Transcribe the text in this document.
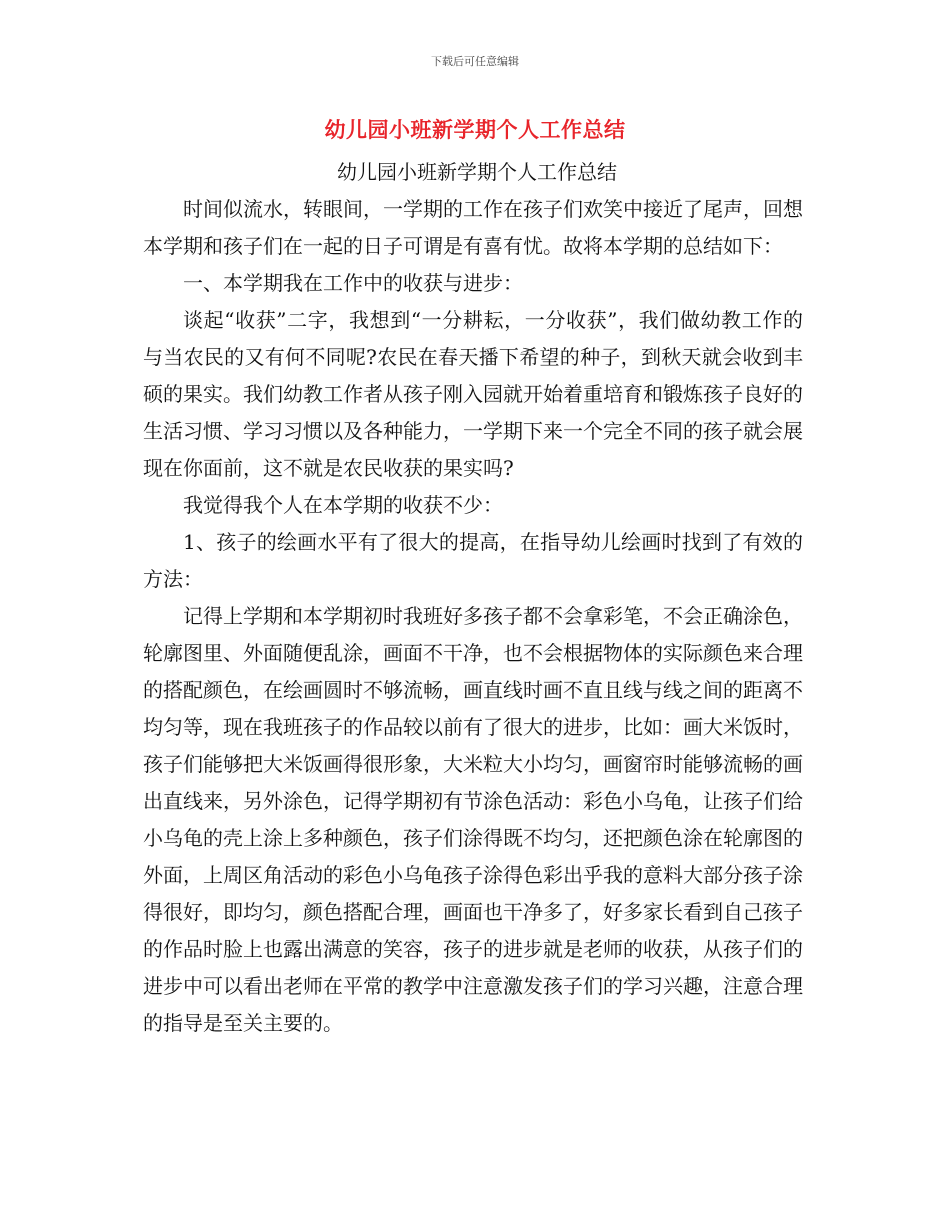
下载后可任意编辑
幼儿园小班新学期个人工作总结

幼儿园小班新学期个人工作总结

时间似流水，转眼间，一学期的工作在孩子们欢笑中接近了尾声，回想本学期和孩子们在一起的日子可谓是有喜有忧。故将本学期的总结如下：

一、本学期我在工作中的收获与进步：

谈起“收获”二字，我想到“一分耕耘，一分收获”，我们做幼教工作的与当农民的又有何不同呢?农民在春天播下希望的种子，到秋天就会收到丰硕的果实。我们幼教工作者从孩子刚入园就开始着重培育和锻炼孩子良好的生活习惯、学习习惯以及各种能力，一学期下来一个完全不同的孩子就会展现在你面前，这不就是农民收获的果实吗?

我觉得我个人在本学期的收获不少：

1、孩子的绘画水平有了很大的提高，在指导幼儿绘画时找到了有效的方法：

记得上学期和本学期初时我班好多孩子都不会拿彩笔，不会正确涂色，轮廓图里、外面随便乱涂，画面不干净，也不会根据物体的实际颜色来合理的搭配颜色，在绘画圆时不够流畅，画直线时画不直且线与线之间的距离不均匀等，现在我班孩子的作品较以前有了很大的进步，比如：画大米饭时，孩子们能够把大米饭画得很形象，大米粒大小均匀，画窗帘时能够流畅的画出直线来，另外涂色，记得学期初有节涂色活动：彩色小乌龟，让孩子们给小乌龟的壳上涂上多种颜色，孩子们涂得既不均匀，还把颜色涂在轮廓图的外面，上周区角活动的彩色小乌龟孩子涂得色彩出乎我的意料大部分孩子涂得很好，即均匀，颜色搭配合理，画面也干净多了，好多家长看到自己孩子的作品时脸上也露出满意的笑容，孩子的进步就是老师的收获，从孩子们的进步中可以看出老师在平常的教学中注意激发孩子们的学习兴趣，注意合理的指导是至关主要的。
